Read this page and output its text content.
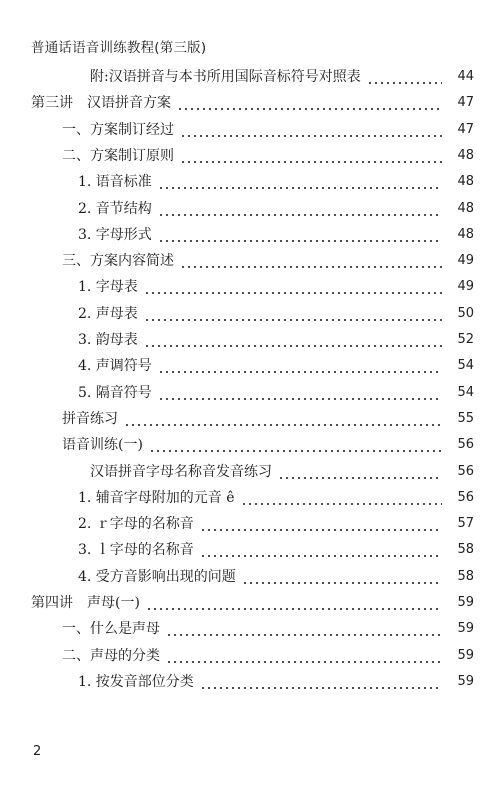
普通话语音训练教程(第三版)
附:汉语拼音与本书所用国际音标符号对照表	44
第三讲　汉语拼音方案	47
一、方案制订经过	47
二、方案制订原则	48
1. 语音标准	48
2. 音节结构	48
3. 字母形式	48
三、方案内容简述	49
1. 字母表	49
2. 声母表	50
3. 韵母表	52
4. 声调符号	54
5. 隔音符号	54
拼音练习	55
语音训练(一)	56
汉语拼音字母名称音发音练习	56
1. 辅音字母附加的元音 ê	56
2. ｒ字母的名称音	57
3. ｌ字母的名称音	58
4. 受方音影响出现的问题	58
第四讲　声母(一)	59
一、什么是声母	59
二、声母的分类	59
1. 按发音部位分类	59
2
